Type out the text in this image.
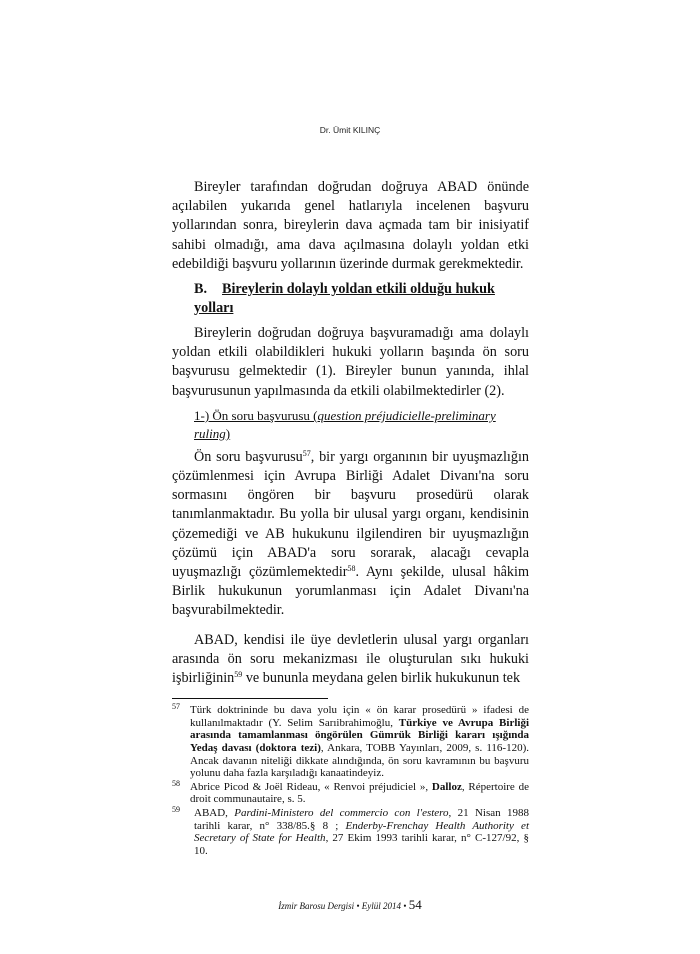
Dr. Ümit KILINÇ

Bireyler tarafından doğrudan doğruya ABAD önünde açılabilen yukarıda genel hatlarıyla incelenen başvuru yollarından sonra, bireylerin dava açmada tam bir inisiyatif sahibi olmadığı, ama dava açılmasına dolaylı yoldan etki edebildiği başvuru yollarının üzerinde durmak gerekmektedir.

B. Bireylerin dolaylı yoldan etkili olduğu hukuk yolları

Bireylerin doğrudan doğruya başvuramadığı ama dolaylı yoldan etkili olabildikleri hukuki yolların başında ön soru başvurusu gelmektedir (1). Bireyler bunun yanında, ihlal başvurusunun yapılmasında da etkili olabilmektedirler (2).

1-) Ön soru başvurusu (question préjudicielle-preliminary ruling)

Ön soru başvurusu$^{57}$, bir yargı organının bir uyuşmazlığın çözümlenmesi için Avrupa Birliği Adalet Divanı'na soru sormasını öngören bir başvuru prosedürü olarak tanımlanmaktadır. Bu yolla bir ulusal yargı organı, kendisinin çözemediği ve AB hukukunu ilgilendiren bir uyuşmazlığın çözümü için ABAD'a soru sorarak, alacağı cevapla uyuşmazlığı çözümlemektedir$^{58}$. Aynı şekilde, ulusal hâkim Birlik hukukunun yorumlanması için Adalet Divanı'na başvurabilmektedir.

ABAD, kendisi ile üye devletlerin ulusal yargı organları arasında ön soru mekanizması ile oluşturulan sıkı hukuki işbirliğinin$^{59}$ ve bununla meydana gelen birlik hukukunun tek

57 Türk doktrininde bu dava yolu için « ön karar prosedürü » ifadesi de kullanılmaktadır (Y. Selim Sarıibrahimoğlu, Türkiye ve Avrupa Birliği arasında tamamlanması öngörülen Gümrük Birliği kararı ışığında Yedaş davası (doktora tezi), Ankara, TOBB Yayınları, 2009, s. 116-120). Ancak davanın niteliği dikkate alındığında, ön soru kavramının bu başvuru yolunu daha fazla karşıladığı kanaatindeyiz.
58 Abrice Picod & Joël Rideau, « Renvoi préjudiciel », Dalloz, Répertoire de droit communautaire, s. 5.
59 ABAD, Pardini-Ministero del commercio con l'estero, 21 Nisan 1988 tarihli karar, n° 338/85.§ 8 ; Enderby-Frenchay Health Authority et Secretary of State for Health, 27 Ekim 1993 tarihli karar, n° C-127/92, § 10.
İzmir Barosu Dergisi • Eylül 2014 • 54
